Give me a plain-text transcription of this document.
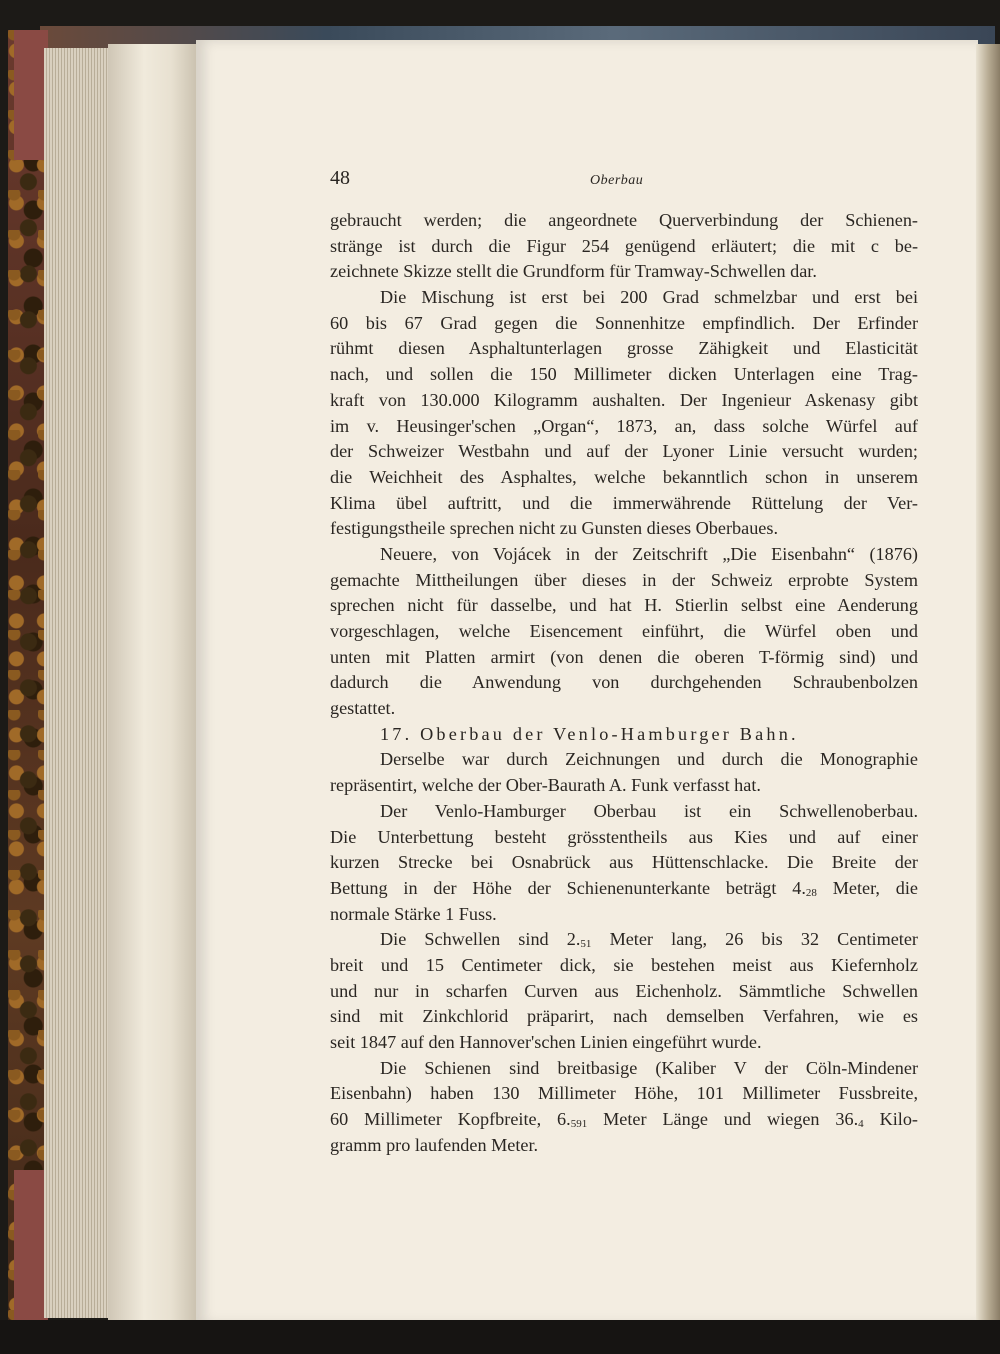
48	Oberbau
gebraucht werden; die angeordnete Querverbindung der Schienen-
stränge ist durch die Figur 254 genügend erläutert; die mit c be-
zeichnete Skizze stellt die Grundform für Tramway-Schwellen dar.
Die Mischung ist erst bei 200 Grad schmelzbar und erst bei
60 bis 67 Grad gegen die Sonnenhitze empfindlich. Der Erfinder
rühmt diesen Asphaltunterlagen grosse Zähigkeit und Elasticität
nach, und sollen die 150 Millimeter dicken Unterlagen eine Trag-
kraft von 130.000 Kilogramm aushalten. Der Ingenieur Askenasy gibt
im v. Heusinger'schen „Organ“, 1873, an, dass solche Würfel auf
der Schweizer Westbahn und auf der Lyoner Linie versucht wurden;
die Weichheit des Asphaltes, welche bekanntlich schon in unserem
Klima übel auftritt, und die immerwährende Rüttelung der Ver-
festigungstheile sprechen nicht zu Gunsten dieses Oberbaues.
Neuere, von Vojácek in der Zeitschrift „Die Eisenbahn“ (1876)
gemachte Mittheilungen über dieses in der Schweiz erprobte System
sprechen nicht für dasselbe, und hat H. Stierlin selbst eine Aenderung
vorgeschlagen, welche Eisencement einführt, die Würfel oben und
unten mit Platten armirt (von denen die oberen T-förmig sind) und
dadurch die Anwendung von durchgehenden Schraubenbolzen
gestattet.
17. Oberbau der Venlo-Hamburger Bahn.
Derselbe war durch Zeichnungen und durch die Monographie
repräsentirt, welche der Ober-Baurath A. Funk verfasst hat.
Der Venlo-Hamburger Oberbau ist ein Schwellenoberbau.
Die Unterbettung besteht grösstentheils aus Kies und auf einer
kurzen Strecke bei Osnabrück aus Hüttenschlacke. Die Breite der
Bettung in der Höhe der Schienenunterkante beträgt $4._{28}$ Meter, die
normale Stärke 1 Fuss.
Die Schwellen sind $2._{51}$ Meter lang, 26 bis 32 Centimeter
breit und 15 Centimeter dick, sie bestehen meist aus Kiefernholz
und nur in scharfen Curven aus Eichenholz. Sämmtliche Schwellen
sind mit Zinkchlorid präparirt, nach demselben Verfahren, wie es
seit 1847 auf den Hannover'schen Linien eingeführt wurde.
Die Schienen sind breitbasige (Kaliber V der Cöln-Mindener
Eisenbahn) haben 130 Millimeter Höhe, 101 Millimeter Fussbreite,
60 Millimeter Kopfbreite, $6._{591}$ Meter Länge und wiegen $36._4$ Kilo-
gramm pro laufenden Meter.
